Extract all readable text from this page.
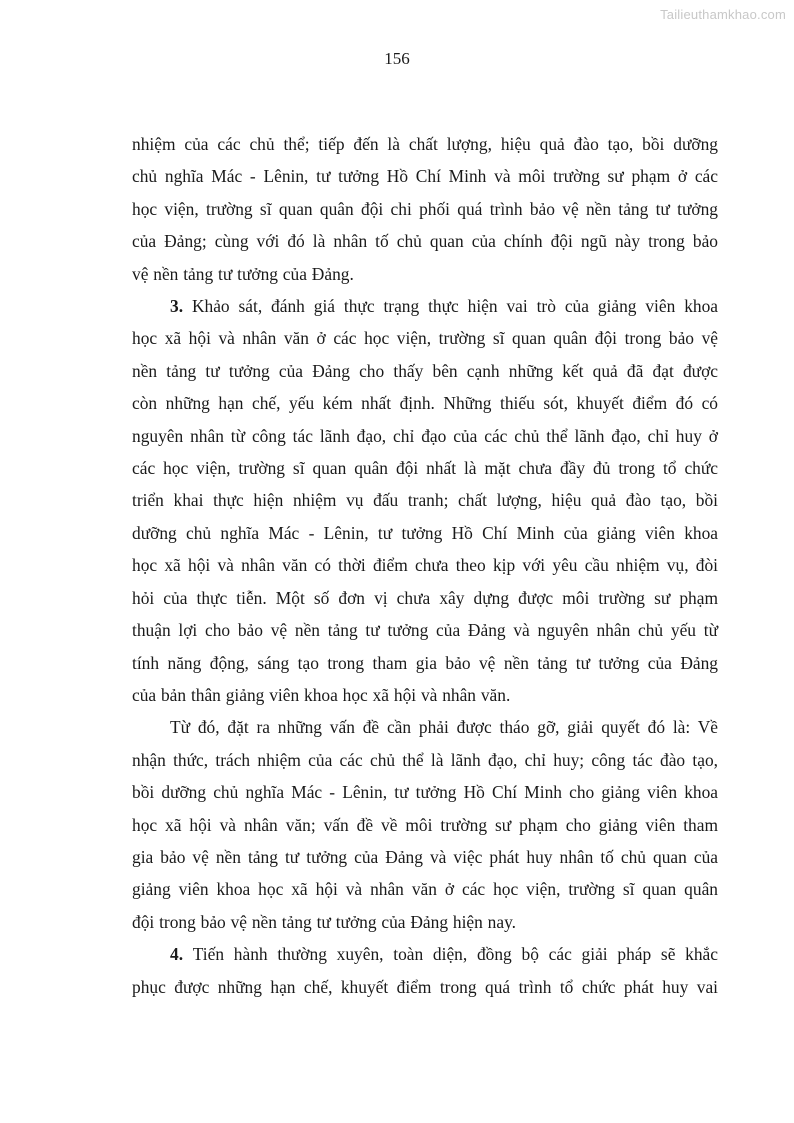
Tailieuthamkhao.com
156
nhiệm của các chủ thể; tiếp đến là chất lượng, hiệu quả đào tạo, bồi dưỡng
chủ nghĩa Mác - Lênin, tư tưởng Hồ Chí Minh và môi trường sư phạm ở các
học viện, trường sĩ quan quân đội chi phối quá trình bảo vệ nền tảng tư tưởng
của Đảng; cùng với đó là nhân tố chủ quan của chính đội ngũ này trong bảo
vệ nền tảng tư tưởng của Đảng.
3. Khảo sát, đánh giá thực trạng thực hiện vai trò của giảng viên khoa
học xã hội và nhân văn ở các học viện, trường sĩ quan quân đội trong bảo vệ
nền tảng tư tưởng của Đảng cho thấy bên cạnh những kết quả đã đạt được
còn những hạn chế, yếu kém nhất định. Những thiếu sót, khuyết điểm đó có
nguyên nhân từ công tác lãnh đạo, chỉ đạo của các chủ thể lãnh đạo, chỉ huy ở
các học viện, trường sĩ quan quân đội nhất là mặt chưa đầy đủ trong tổ chức
triển khai thực hiện nhiệm vụ đấu tranh; chất lượng, hiệu quả đào tạo, bồi
dưỡng chủ nghĩa Mác - Lênin, tư tưởng Hồ Chí Minh của giảng viên khoa
học xã hội và nhân văn có thời điểm chưa theo kịp với yêu cầu nhiệm vụ, đòi
hỏi của thực tiễn. Một số đơn vị chưa xây dựng được môi trường sư phạm
thuận lợi cho bảo vệ nền tảng tư tưởng của Đảng và nguyên nhân chủ yếu từ
tính năng động, sáng tạo trong tham gia bảo vệ nền tảng tư tưởng của Đảng
của bản thân giảng viên khoa học xã hội và nhân văn.
Từ đó, đặt ra những vấn đề cần phải được tháo gỡ, giải quyết đó là: Về
nhận thức, trách nhiệm của các chủ thể là lãnh đạo, chỉ huy; công tác đào tạo,
bồi dưỡng chủ nghĩa Mác - Lênin, tư tưởng Hồ Chí Minh cho giảng viên khoa
học xã hội và nhân văn; vấn đề về môi trường sư phạm cho giảng viên tham
gia bảo vệ nền tảng tư tưởng của Đảng và việc phát huy nhân tố chủ quan của
giảng viên khoa học xã hội và nhân văn ở các học viện, trường sĩ quan quân
đội trong bảo vệ nền tảng tư tưởng của Đảng hiện nay.
4. Tiến hành thường xuyên, toàn diện, đồng bộ các giải pháp sẽ khắc
phục được những hạn chế, khuyết điểm trong quá trình tổ chức phát huy vai
